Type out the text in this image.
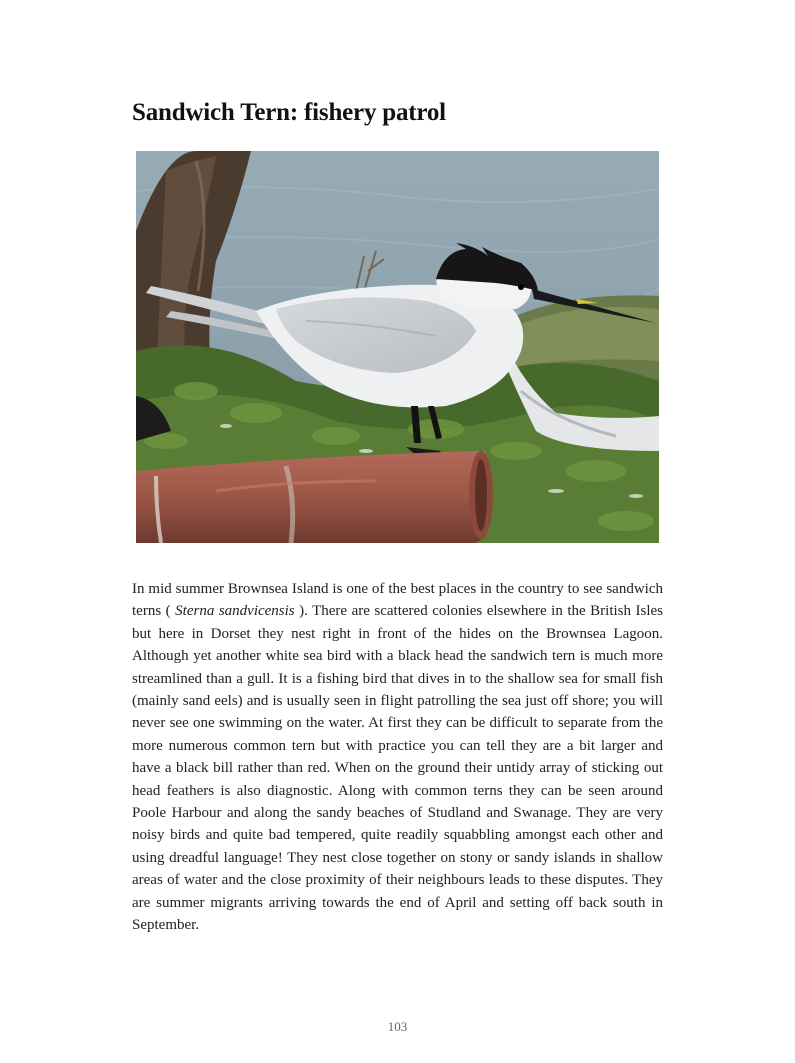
Sandwich Tern: fishery patrol

In mid summer Brownsea Island is one of the best places in the country to see sandwich terns ( Sterna sandvicensis ). There are scattered colonies elsewhere in the British Isles but here in Dorset they nest right in front of the hides on the Brownsea Lagoon. Although yet another white sea bird with a black head the sandwich tern is much more streamlined than a gull. It is a fishing bird that dives in to the shallow sea for small fish (mainly sand eels) and is usually seen in flight patrolling the sea just off shore; you will never see one swimming on the water. At first they can be difficult to separate from the more numerous common tern but with practice you can tell they are a bit larger and have a black bill rather than red. When on the ground their untidy array of sticking out head feathers is also diagnostic. Along with common terns they can be seen around Poole Harbour and along the sandy beaches of Studland and Swanage. They are very noisy birds and quite bad tempered, quite readily squabbling amongst each other and using dreadful language! They nest close together on stony or sandy islands in shallow areas of water and the close proximity of their neighbours leads to these disputes. They are summer migrants arriving towards the end of April and setting off back south in September.

103
